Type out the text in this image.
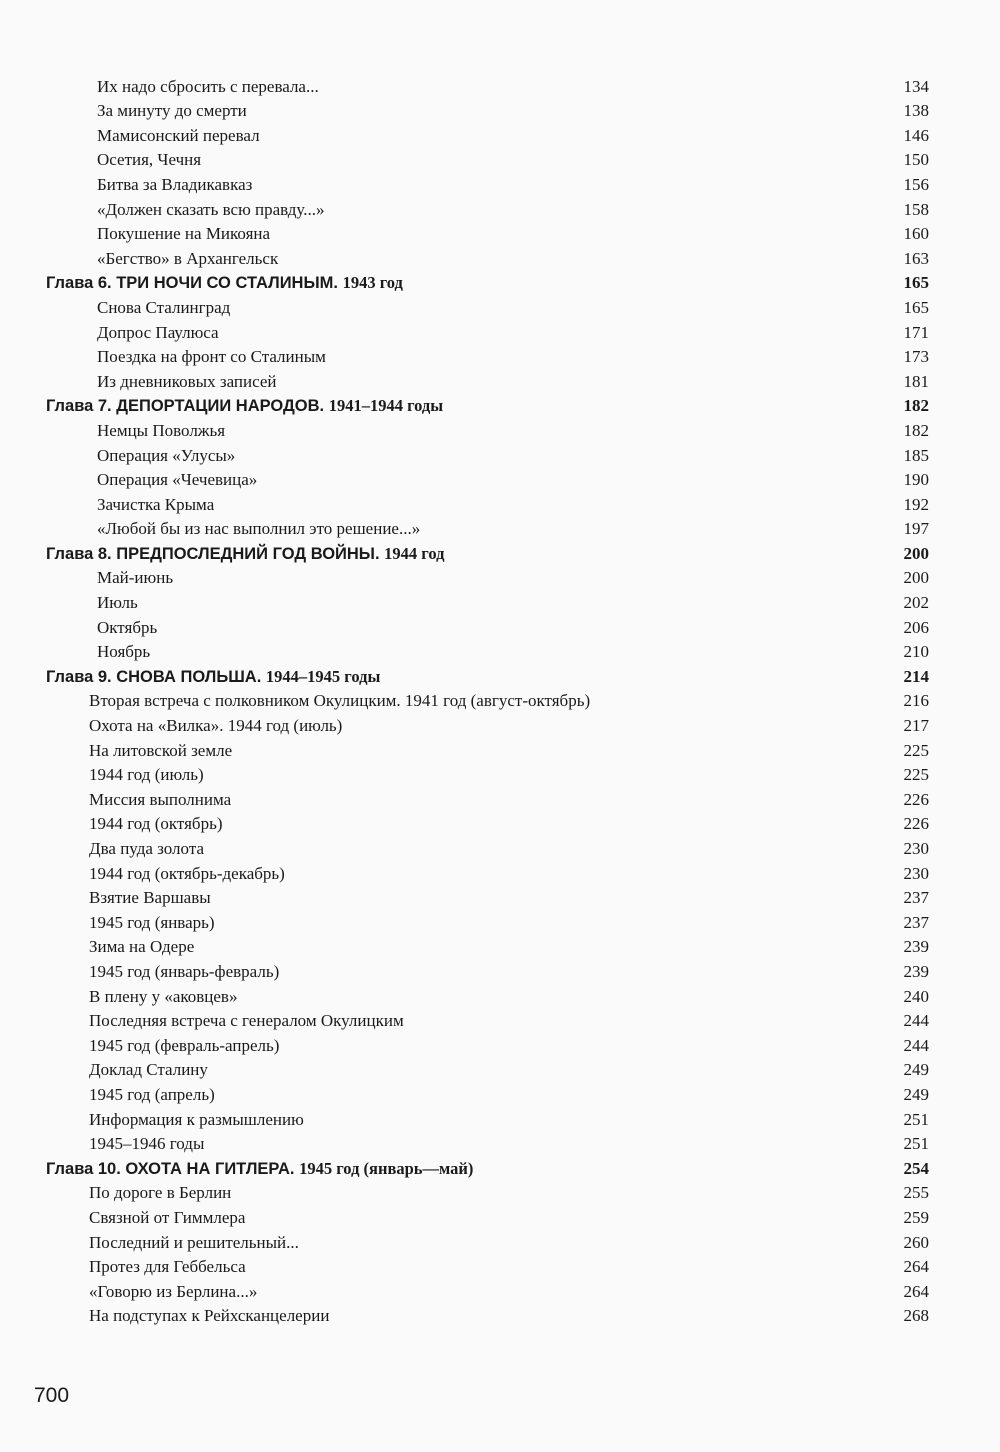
Их надо сбросить с перевала...	134
За минуту до смерти	138
Мамисонский перевал	146
Осетия, Чечня	150
Битва за Владикавказ	156
«Должен сказать всю правду...»	158
Покушение на Микояна	160
«Бегство» в Архангельск	163
Глава 6. ТРИ НОЧИ СО СТАЛИНЫМ. 1943 год	165
Снова Сталинград	165
Допрос Паулюса	171
Поездка на фронт со Сталиным	173
Из дневниковых записей	181
Глава 7. ДЕПОРТАЦИИ НАРОДОВ. 1941–1944 годы	182
Немцы Поволжья	182
Операция «Улусы»	185
Операция «Чечевица»	190
Зачистка Крыма	192
«Любой бы из нас выполнил это решение...»	197
Глава 8. ПРЕДПОСЛЕДНИЙ ГОД ВОЙНЫ. 1944 год	200
Май-июнь	200
Июль	202
Октябрь	206
Ноябрь	210
Глава 9. СНОВА ПОЛЬША. 1944–1945 годы	214
Вторая встреча с полковником Окулицким. 1941 год (август-октябрь)	216
Охота на «Вилка». 1944 год (июль)	217
На литовской земле	225
1944 год (июль)	225
Миссия выполнима	226
1944 год (октябрь)	226
Два пуда золота	230
1944 год (октябрь-декабрь)	230
Взятие Варшавы	237
1945 год (январь)	237
Зима на Одере	239
1945 год (январь-февраль)	239
В плену у «аковцев»	240
Последняя встреча с генералом Окулицким	244
1945 год (февраль-апрель)	244
Доклад Сталину	249
1945 год (апрель)	249
Информация к размышлению	251
1945–1946 годы	251
Глава 10. ОХОТА НА ГИТЛЕРА. 1945 год (январь—май)	254
По дороге в Берлин	255
Связной от Гиммлера	259
Последний и решительный...	260
Протез для Геббельса	264
«Говорю из Берлина...»	264
На подступах к Рейхсканцелерии	268
700
